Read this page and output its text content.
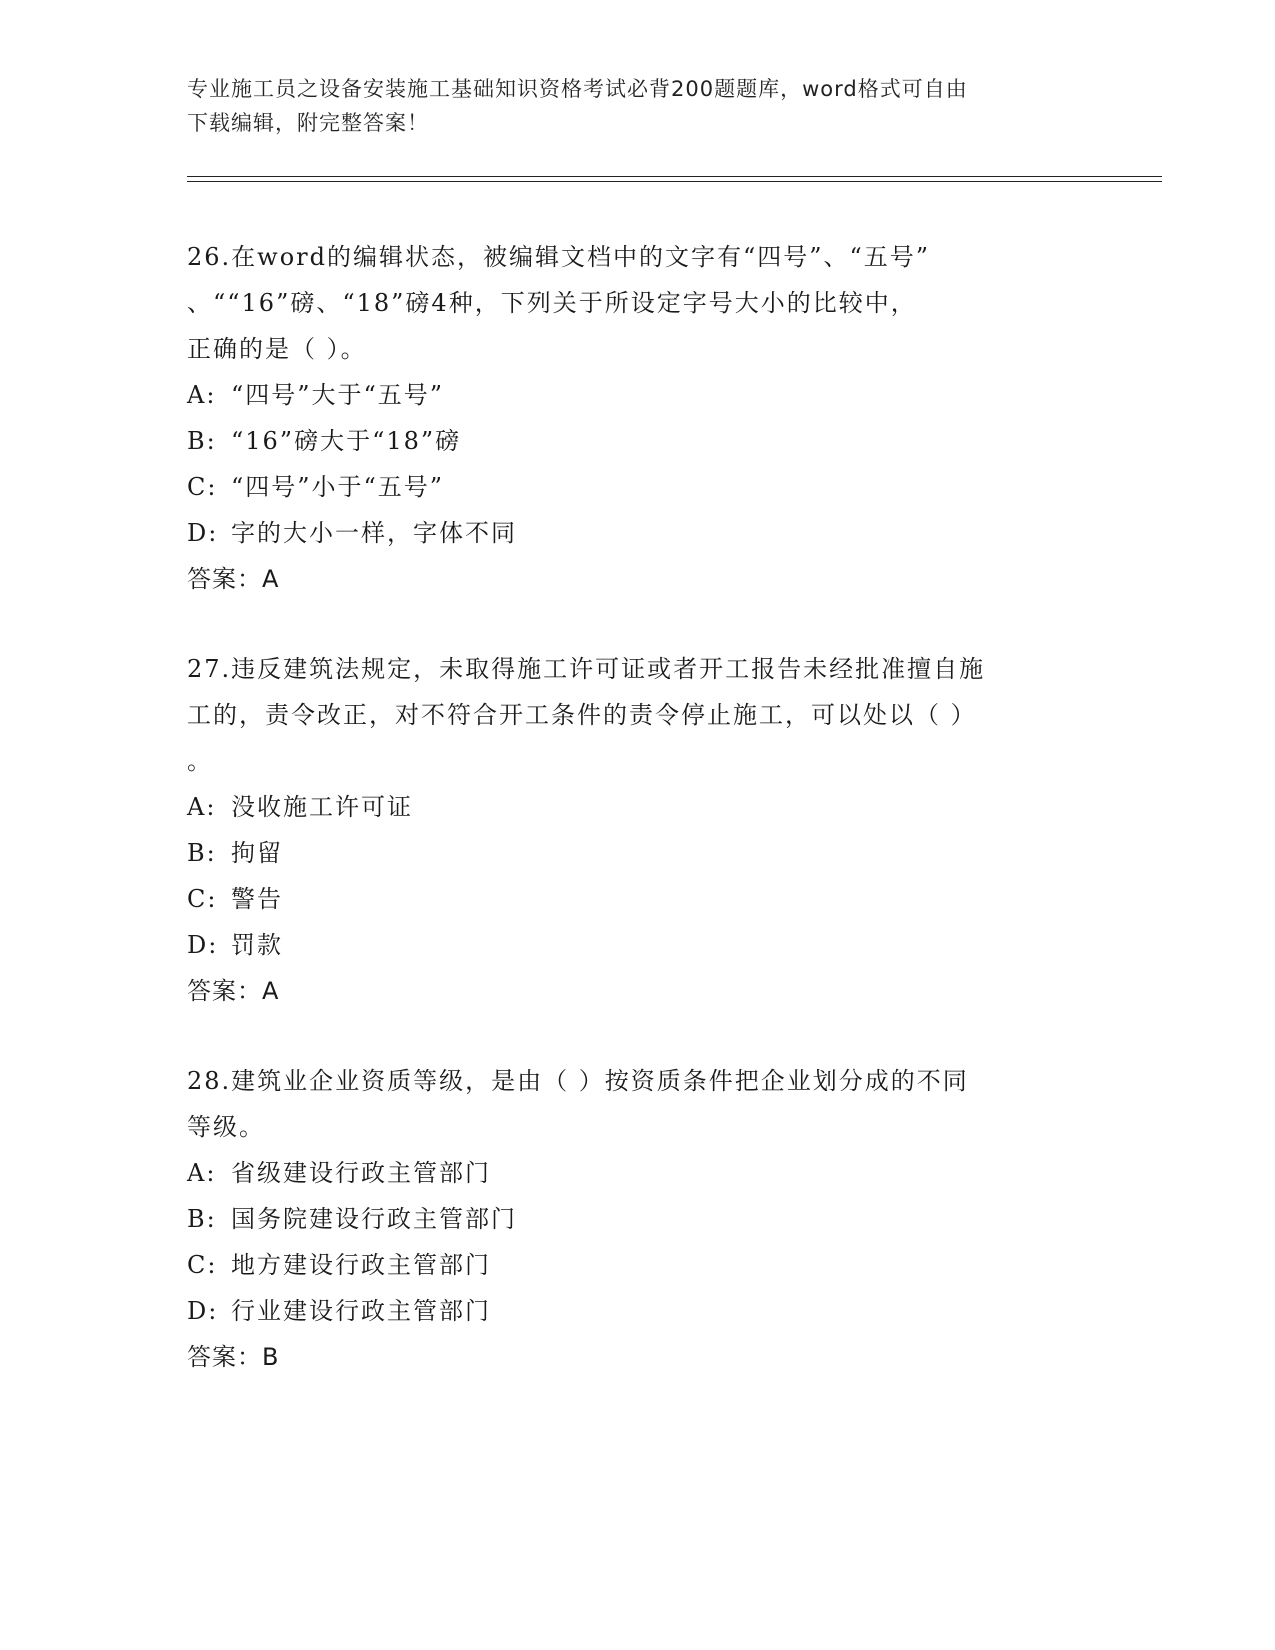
专业施工员之设备安装施工基础知识资格考试必背200题题库，word格式可自由
下载编辑，附完整答案！
26.在word的编辑状态，被编辑文档中的文字有“四号”、“五号”
、““16”磅、“18”磅4种，下列关于所设定字号大小的比较中，
正确的是（ ）。
A: “四号”大于“五号”
B: “16”磅大于“18”磅
C: “四号”小于“五号”
D: 字的大小一样，字体不同
答案：A
27.违反建筑法规定，未取得施工许可证或者开工报告未经批准擅自施
工的，责令改正，对不符合开工条件的责令停止施工，可以处以（ ）
。
A: 没收施工许可证
B: 拘留
C: 警告
D: 罚款
答案：A
28.建筑业企业资质等级，是由（ ）按资质条件把企业划分成的不同
等级。
A: 省级建设行政主管部门
B: 国务院建设行政主管部门
C: 地方建设行政主管部门
D: 行业建设行政主管部门
答案：B
